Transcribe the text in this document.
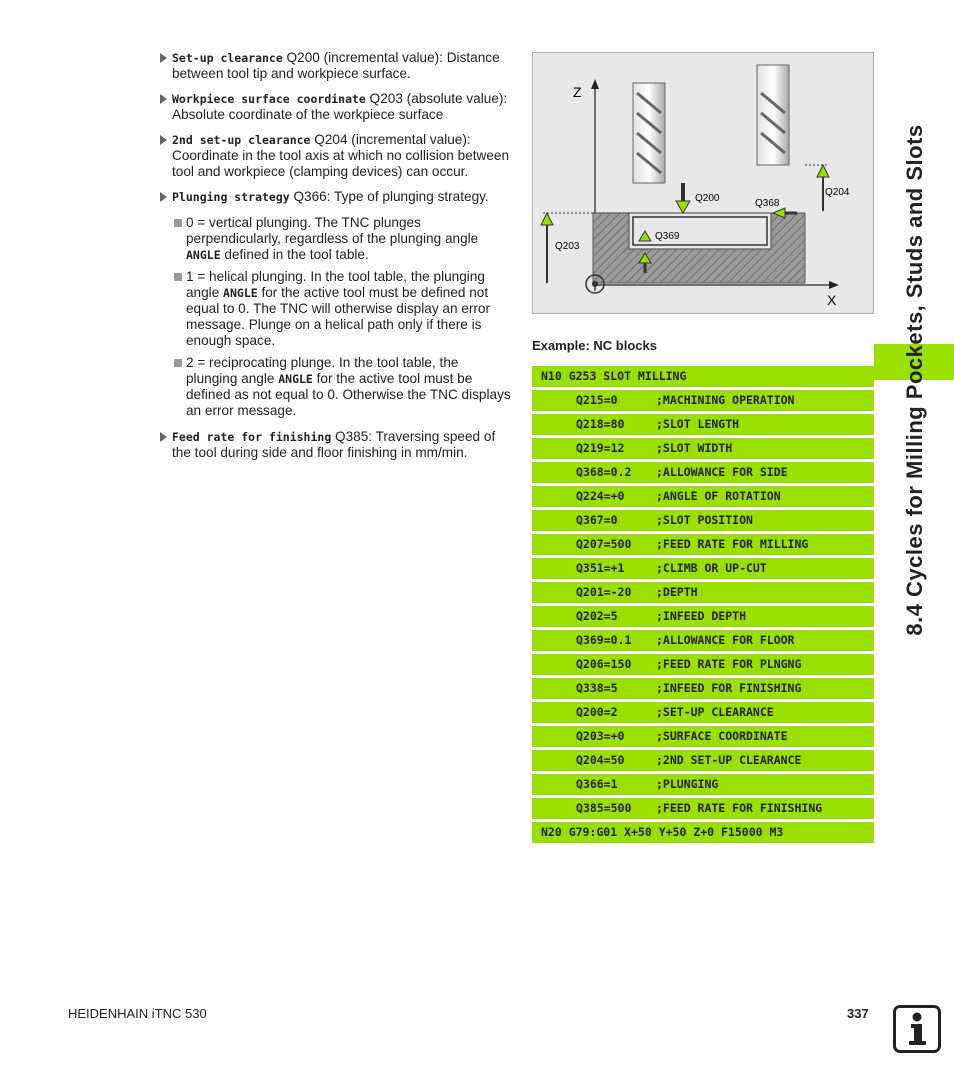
Set-up clearance Q200 (incremental value): Distance between tool tip and workpiece surface.
Workpiece surface coordinate Q203 (absolute value): Absolute coordinate of the workpiece surface
2nd set-up clearance Q204 (incremental value): Coordinate in the tool axis at which no collision between tool and workpiece (clamping devices) can occur.
Plunging strategy Q366: Type of plunging strategy.
0 = vertical plunging. The TNC plunges perpendicularly, regardless of the plunging angle ANGLE defined in the tool table.
1 = helical plunging. In the tool table, the plunging angle ANGLE for the active tool must be defined not equal to 0. The TNC will otherwise display an error message. Plunge on a helical path only if there is enough space.
2 = reciprocating plunge. In the tool table, the plunging angle ANGLE for the active tool must be defined as not equal to 0. Otherwise the TNC displays an error message.
Feed rate for finishing Q385: Traversing speed of the tool during side and floor finishing in mm/min.
Z
X
Q200	Q368
Q204
Q369
Q203
Example: NC blocks
N10 G253 SLOT MILLING
Q215=0	;MACHINING OPERATION
Q218=80	;SLOT LENGTH
Q219=12	;SLOT WIDTH
Q368=0.2 ;ALLOWANCE FOR SIDE
Q224=+0	;ANGLE OF ROTATION
Q367=0	;SLOT POSITION
Q207=500 ;FEED RATE FOR MILLING
Q351=+1	;CLIMB OR UP-CUT
Q201=-20 ;DEPTH
Q202=5	;INFEED DEPTH
Q369=0.1 ;ALLOWANCE FOR FLOOR
Q206=150 ;FEED RATE FOR PLNGNG
Q338=5	;INFEED FOR FINISHING
Q200=2	;SET-UP CLEARANCE
Q203=+0	;SURFACE COORDINATE
Q204=50	;2ND SET-UP CLEARANCE
Q366=1	;PLUNGING
Q385=500 ;FEED RATE FOR FINISHING
N20 G79:G01 X+50 Y+50 Z+0 F15000 M3
8.4 Cycles for Milling Pockets, Studs and Slots
HEIDENHAIN iTNC 530	337
